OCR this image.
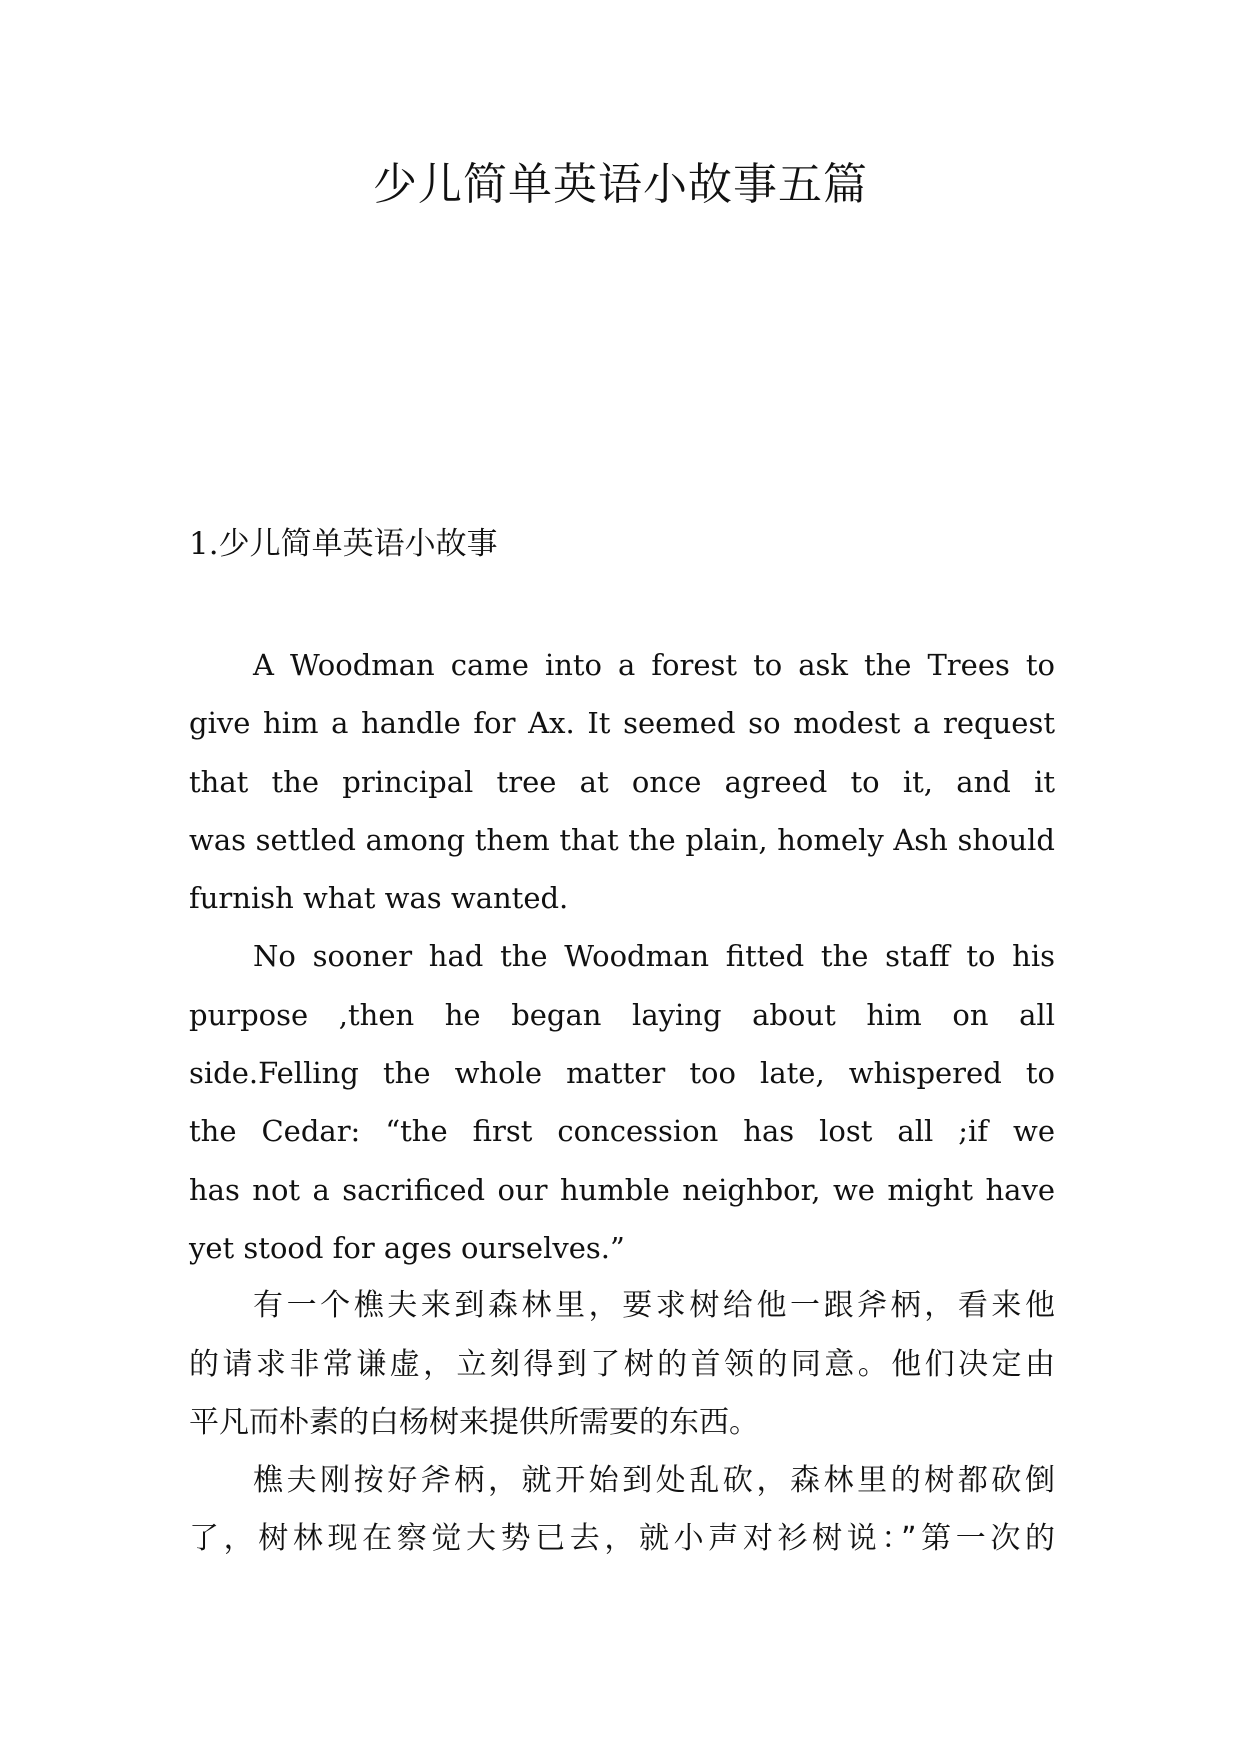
少儿简单英语小故事五篇
1.少儿简单英语小故事
A Woodman came into a forest to ask the Trees to
give him a handle for Ax. It seemed so modest a request
that the principal tree at once agreed to it, and it
was settled among them that the plain, homely Ash should
furnish what was wanted.
No sooner had the Woodman fitted the staff to his
purpose ,then he began laying about him on all
side.Felling the whole matter too late, whispered to
the Cedar: “the first concession has lost all ;if we
has not a sacrificed our humble neighbor, we might have
yet stood for ages ourselves.”
有一个樵夫来到森林里，要求树给他一跟斧柄，看来他
的请求非常谦虚，立刻得到了树的首领的同意。他们决定由
平凡而朴素的白杨树来提供所需要的东西。
樵夫刚按好斧柄，就开始到处乱砍，森林里的树都砍倒
了，树林现在察觉大势已去，就小声对衫树说：”第一次的
